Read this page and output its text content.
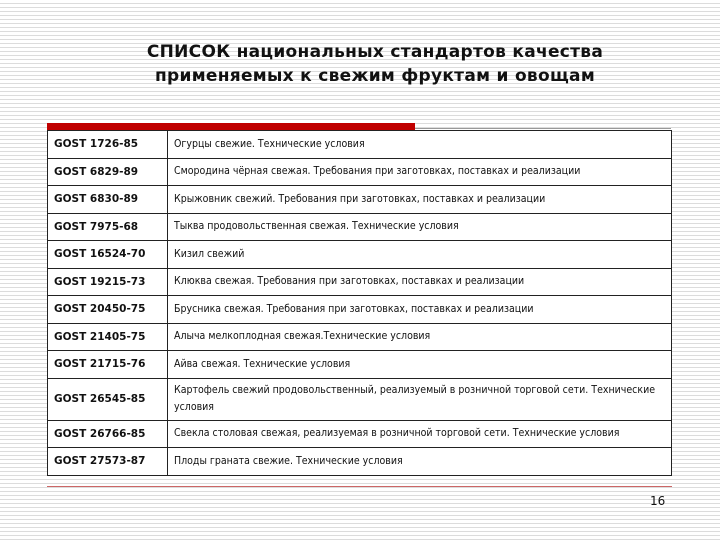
СПИСОК национальных стандартов качества
применяемых к свежим фруктам и овощам
GOST 1726-85	Огурцы свежие. Технические условия
GOST 6829-89	Смородина чёрная свежая. Требования при заготовках, поставках и реализации
GOST 6830-89	Крыжовник свежий. Требования при заготовках, поставках и реализации
GOST 7975-68	Тыква продовольственная свежая. Технические условия
GOST 16524-70	Кизил свежий
GOST 19215-73	Клюква свежая. Требования при заготовках, поставках и реализации
GOST 20450-75	Брусника свежая. Требования при заготовках, поставках и реализации
GOST 21405-75	Алыча мелкоплодная свежая.Технические условия
GOST 21715-76	Айва свежая. Технические условия
GOST 26545-85	Картофель свежий продовольственный, реализуемый в розничной торговой сети. Технические условия
GOST 26766-85	Свекла столовая свежая, реализуемая в розничной торговой сети. Технические условия
GOST 27573-87	Плоды граната свежие. Технические условия
16
